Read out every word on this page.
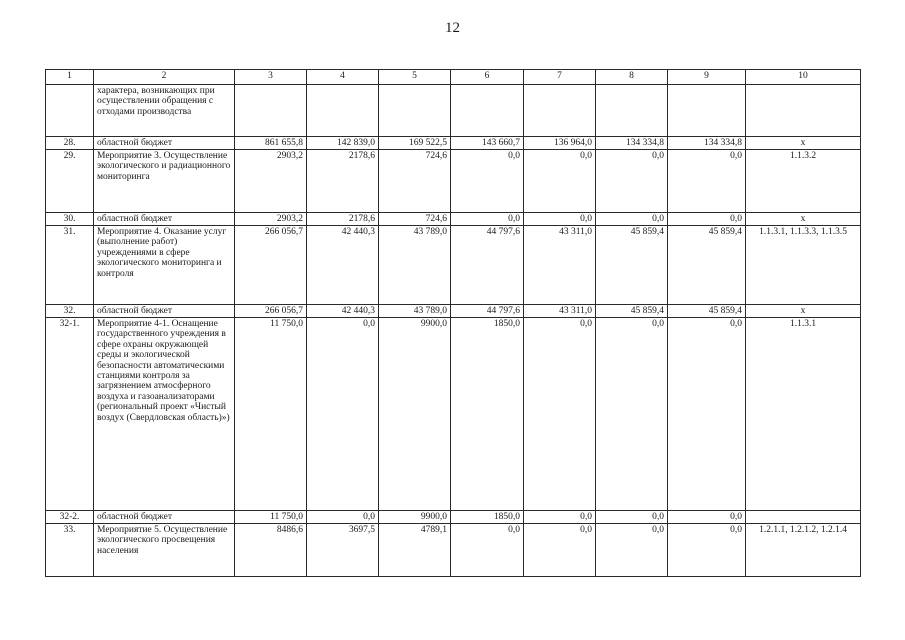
12
1	2	3	4	5	6	7	8	9	10
	характера, возникающих при осуществлении обращения с отходами производства								
28.	областной бюджет	861 655,8	142 839,0	169 522,5	143 660,7	136 964,0	134 334,8	134 334,8	x
29.	Мероприятие 3. Осуществление экологического и радиационного мониторинга	2903,2	2178,6	724,6	0,0	0,0	0,0	0,0	1.1.3.2
30.	областной бюджет	2903,2	2178,6	724,6	0,0	0,0	0,0	0,0	x
31.	Мероприятие 4. Оказание услуг (выполнение работ) учреждениями в сфере экологического мониторинга и контроля	266 056,7	42 440,3	43 789,0	44 797,6	43 311,0	45 859,4	45 859,4	1.1.3.1, 1.1.3.3, 1.1.3.5
32.	областной бюджет	266 056,7	42 440,3	43 789,0	44 797,6	43 311,0	45 859,4	45 859,4	x
32-1.	Мероприятие 4-1. Оснащение государственного учреждения в сфере охраны окружающей среды и экологической безопасности автоматическими станциями контроля за загрязнением атмосферного воздуха и газоанализаторами (региональный проект «Чистый воздух (Свердловская область)»)	11 750,0	0,0	9900,0	1850,0	0,0	0,0	0,0	1.1.3.1
32-2.	областной бюджет	11 750,0	0,0	9900,0	1850,0	0,0	0,0	0,0	
33.	Мероприятие 5. Осуществление экологического просвещения населения	8486,6	3697,5	4789,1	0,0	0,0	0,0	0,0	1.2.1.1, 1.2.1.2, 1.2.1.4
